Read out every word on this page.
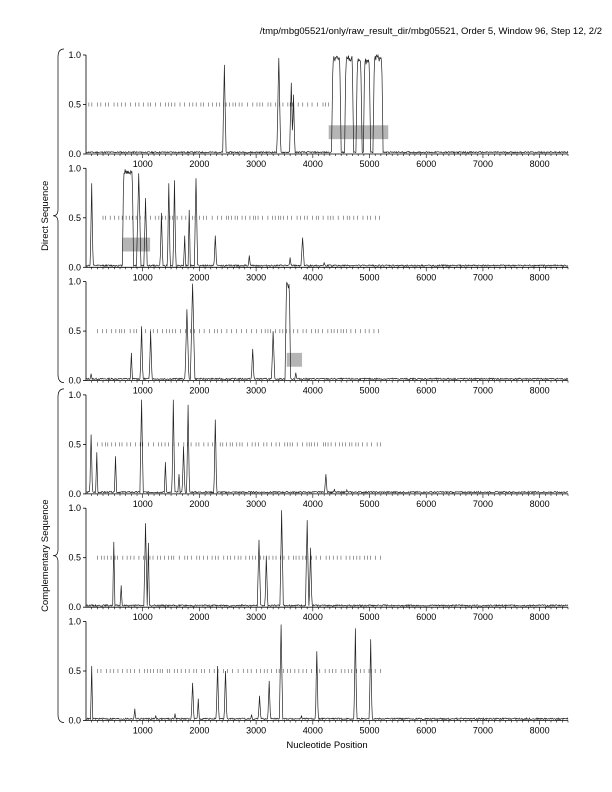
/tmp/mbg05521/only/raw_result_dir/mbg05521, Order 5, Window 96, Step 12, 2/2
Direct Sequence
Complementary Sequence
0.0
0.5
1.0
1000	2000	3000	4000	5000	6000	7000	8000
0.0
0.5
1.0
1000	2000	3000	4000	5000	6000	7000	8000
0.0
0.5
1.0
1000	2000	3000	4000	5000	6000	7000	8000
0.0
0.5
1.0
1000	2000	3000	4000	5000	6000	7000	8000
0.0
0.5
1.0
1000	2000	3000	4000	5000	6000	7000	8000
0.0
0.5
1.0
1000	2000	3000	4000	5000	6000	7000	8000
Nucleotide Position
